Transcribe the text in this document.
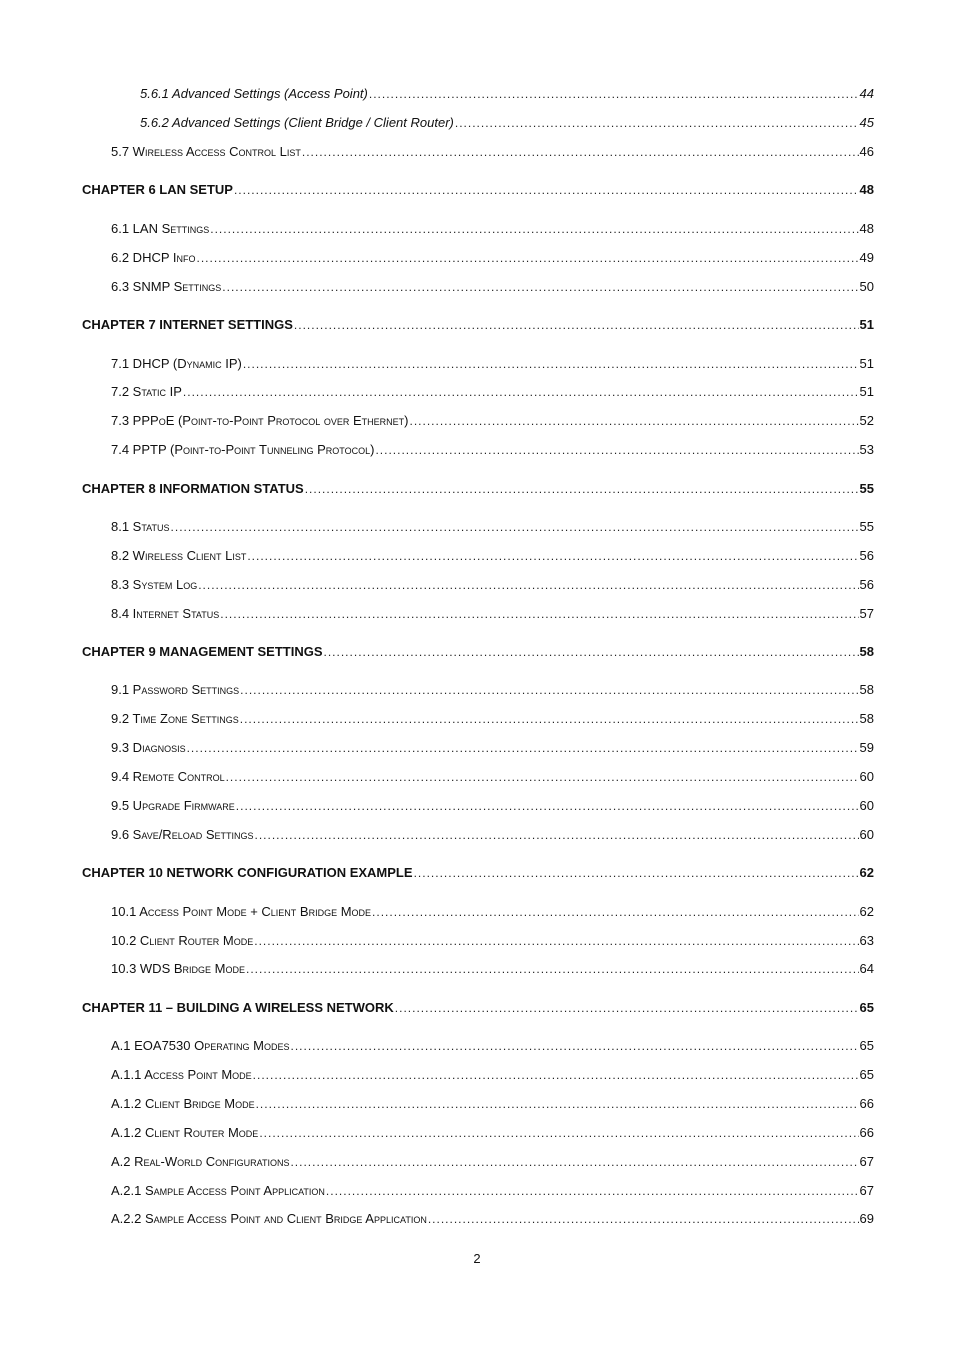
5.6.1 Advanced Settings (Access Point) .....	44
5.6.2 Advanced Settings (Client Bridge / Client Router) .....	45
5.7 Wireless Access Control List .....	46
CHAPTER 6 LAN SETUP .....	48
6.1 LAN Settings .....	48
6.2 DHCP Info .....	49
6.3 SNMP Settings .....	50
CHAPTER 7 INTERNET SETTINGS .....	51
7.1 DHCP (Dynamic IP) .....	51
7.2 Static IP .....	51
7.3 PPPoE (Point-to-Point Protocol over Ethernet) .....	52
7.4 PPTP (Point-to-Point Tunneling Protocol) .....	53
CHAPTER 8 INFORMATION STATUS .....	55
8.1 Status .....	55
8.2 Wireless Client List .....	56
8.3 System Log .....	56
8.4 Internet Status .....	57
CHAPTER 9 MANAGEMENT SETTINGS .....	58
9.1 Password Settings .....	58
9.2 Time Zone Settings .....	58
9.3 Diagnosis .....	59
9.4 Remote Control .....	60
9.5 Upgrade Firmware .....	60
9.6 Save/Reload Settings .....	60
CHAPTER 10 NETWORK CONFIGURATION EXAMPLE .....	62
10.1 Access Point Mode + Client Bridge Mode .....	62
10.2 Client Router Mode .....	63
10.3 WDS Bridge Mode .....	64
CHAPTER 11 – BUILDING A WIRELESS NETWORK .....	65
A.1 EOA7530 Operating Modes .....	65
A.1.1 Access Point Mode .....	65
A.1.2 Client Bridge Mode .....	66
A.1.2 Client Router Mode .....	66
A.2 Real-World Configurations .....	67
A.2.1 Sample Access Point Application .....	67
A.2.2 Sample Access Point and Client Bridge Application .....	69
2
